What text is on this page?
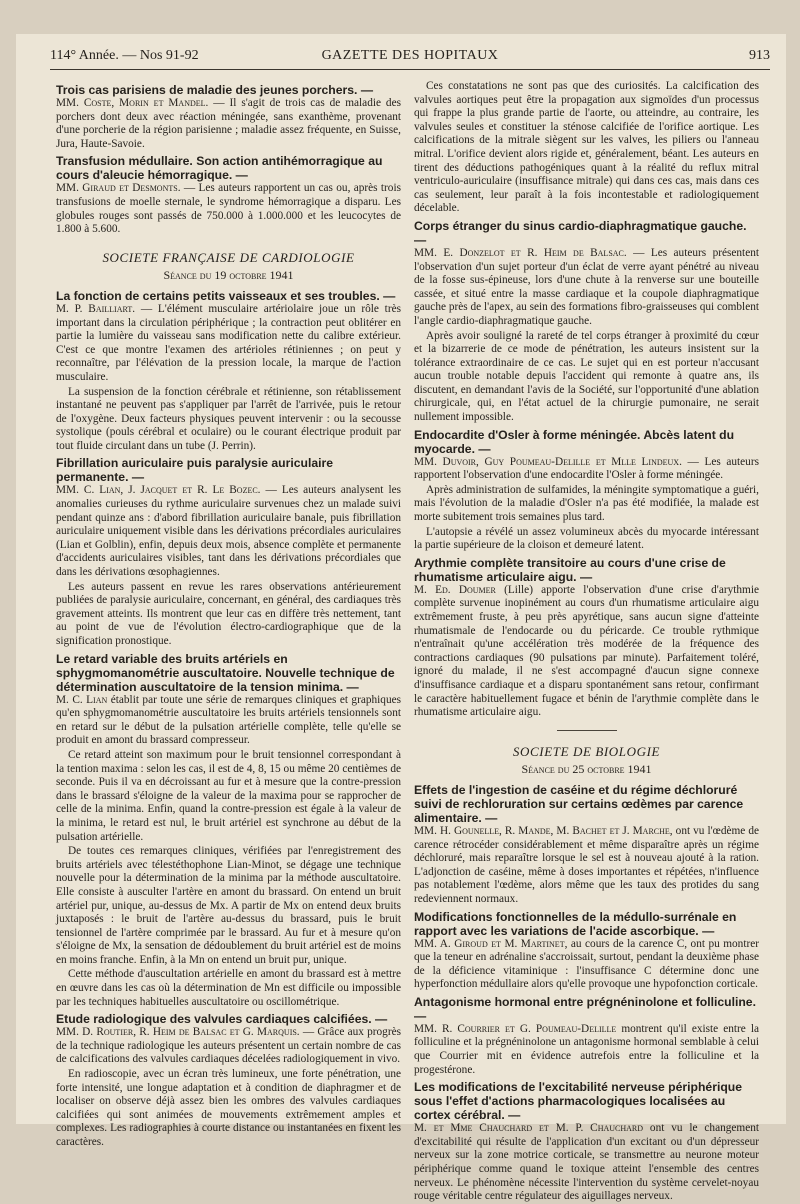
114° Année. — Nos 91-92	GAZETTE DES HOPITAUX	913
Trois cas parisiens de maladie des jeunes porchers. —

MM. Coste, Morin et Mandel. — Il s'agit de trois cas de maladie des porchers dont deux avec réaction méningée, sans exanthème, provenant d'une porcherie de la région parisienne ; maladie assez fréquente, en Suisse, Jura, Haute-Savoie.

Transfusion médullaire. Son action antihémorragique au cours d'aleucie hémorragique. —

MM. Giraud et Desmonts. — Les auteurs rapportent un cas ou, après trois transfusions de moelle sternale, le syndrome hémorragique a disparu. Les globules rouges sont passés de 750.000 à 1.000.000 et les leucocytes de 1.800 à 5.600.

SOCIETE FRANÇAISE DE CARDIOLOGIE
Séance du 19 octobre 1941
La fonction de certains petits vaisseaux et ses troubles. —

M. P. Bailliart. — L'élément musculaire artériolaire joue un rôle très important dans la circulation périphérique ; la contraction peut oblitérer en partie la lumière du vaisseau sans modification nette du calibre extérieur. C'est ce que montre l'examen des artérioles rétiniennes ; on peut y reconnaître, par l'élévation de la pression locale, la marque de l'action musculaire.

La suspension de la fonction cérébrale et rétinienne, son rétablissement instantané ne peuvent pas s'appliquer par l'arrêt de l'arrivée, puis le retour de l'oxygène. Deux facteurs physiques peuvent intervenir : ou la secousse systolique (pouls cérébral et oculaire) ou le courant électrique produit par tout fluide circulant dans un tube (J. Perrin).

Fibrillation auriculaire puis paralysie auriculaire permanente. —

MM. C. Lian, J. Jacquet et R. Le Bozec. — Les auteurs analysent les anomalies curieuses du rythme auriculaire survenues chez un malade suivi pendant quinze ans : d'abord fibrillation auriculaire banale, puis fibrillation auriculaire uniquement visible dans les dérivations précordiales auriculaires (Lian et Golblin), enfin, depuis deux mois, absence complète et permanente d'accidents auriculaires visibles, tant dans les dérivations précordiales que dans les dérivations œsophagiennes.

Les auteurs passent en revue les rares observations antérieurement publiées de paralysie auriculaire, concernant, en général, des cardiaques très gravement atteints. Ils montrent que leur cas en diffère très nettement, tant au point de vue de l'évolution électro-cardiographique que de la signification pronostique.

Le retard variable des bruits artériels en sphygmomanométrie auscultatoire. Nouvelle technique de détermination auscultatoire de la tension minima. —

M. C. Lian établit par toute une série de remarques cliniques et graphiques qu'en sphygmomanométrie auscultatoire les bruits artériels tensionnels sont en retard sur le début de la pulsation artérielle complète, telle qu'elle se produit en amont du brassard compresseur.

Ce retard atteint son maximum pour le bruit tensionnel correspondant à la tention maxima : selon les cas, il est de 4, 8, 15 ou même 20 centièmes de seconde. Puis il va en décroissant au fur et à mesure que la contre-pression dans le brassard s'éloigne de la valeur de la maxima pour se rapprocher de celle de la minima. Enfin, quand la contre-pression est égale à la valeur de la minima, le retard est nul, le bruit artériel est synchrone au début de la pulsation artérielle.

De toutes ces remarques cliniques, vérifiées par l'enregistrement des bruits artériels avec télestéthophone Lian-Minot, se dégage une technique nouvelle pour la détermination de la minima par la méthode auscultatoire. Elle consiste à ausculter l'artère en amont du brassard. On entend un bruit artériel pur, unique, au-dessus de Mx. A partir de Mx on entend deux bruits juxtaposés : le bruit de l'artère au-dessus du brassard, puis le bruit tensionnel de l'artère comprimée par le brassard. Au fur et à mesure qu'on s'éloigne de Mx, la sensation de dédoublement du bruit artériel est de moins en moins franche. Enfin, à la Mn on entend un bruit pur, unique.

Cette méthode d'auscultation artérielle en amont du brassard est à mettre en œuvre dans les cas où la détermination de Mn est difficile ou impossible par les techniques habituelles auscultatoire ou oscillométrique.

Etude radiologique des valvules cardiaques calcifiées. —

MM. D. Routier, R. Heim de Balsac et G. Marquis. — Grâce aux progrès de la technique radiologique les auteurs présentent un certain nombre de cas de calcifications des valvules cardiaques décelées radiologiquement in vivo.

En radioscopie, avec un écran très lumineux, une forte pénétration, une forte intensité, une longue adaptation et à condition de diaphragmer et de localiser on observe déjà assez bien les ombres des valvules cardiaques calcifiées qui sont animées de mouvements extrêmement amples et complexes. Les radiographies à courte distance ou instantanées en fixent les caractères.

Ces constatations ne sont pas que des curiosités. La calcification des valvules aortiques peut être la propagation aux sigmoïdes d'un processus qui frappe la plus grande partie de l'aorte, ou atteindre, au contraire, les valvules seules et constituer la sténose calcifiée de l'orifice aortique. Les calcifications de la mitrale siègent sur les valves, les piliers ou l'anneau mitral. L'orifice devient alors rigide et, généralement, béant. Les auteurs en tirent des déductions pathogéniques quant à la réalité du reflux mitral ventriculo-auriculaire (insuffisance mitrale) qui dans ces cas, mais dans ces cas seulement, leur paraît à la fois incontestable et radiologiquement décelable.

Corps étranger du sinus cardio-diaphragmatique gauche. —

MM. E. Donzelot et R. Heim de Balsac. — Les auteurs présentent l'observation d'un sujet porteur d'un éclat de verre ayant pénétré au niveau de la fosse sus-épineuse, lors d'une chute à la renverse sur une bouteille cassée, et situé entre la masse cardiaque et la coupole diaphragmatique gauche près de l'apex, au sein des formations fibro-graisseuses qui comblent l'angle cardio-diaphragmatique gauche.

Après avoir souligné la rareté de tel corps étranger à proximité du cœur et la bizarrerie de ce mode de pénétration, les auteurs insistent sur la tolérance extraordinaire de ce cas. Le sujet qui en est porteur n'accusant aucun trouble notable depuis l'accident qui remonte à quatre ans, ils discutent, en demandant l'avis de la Société, sur l'opportunité d'une ablation chirurgicale, qui, en l'état actuel de la chirurgie pumonaire, ne serait nullement impossible.

Endocardite d'Osler à forme méningée. Abcès latent du myocarde. —

MM. Duvoir, Guy Poumeau-Delille et Mlle Lindeux. — Les auteurs rapportent l'observation d'une endocardite l'Osler à forme méningée.

Après administration de sulfamides, la méningite symptomatique a guéri, mais l'évolution de la maladie d'Osler n'a pas été modifiée, la malade est morte subitement trois semaines plus tard.

L'autopsie a révélé un assez volumineux abcès du myocarde intéressant la partie supérieure de la cloison et demeuré latent.

Arythmie complète transitoire au cours d'une crise de rhumatisme articulaire aigu. —

M. Ed. Doumer (Lille) apporte l'observation d'une crise d'arythmie complète survenue inopinément au cours d'un rhumatisme articulaire aigu extrêmement fruste, à peu près apyrétique, sans aucun signe d'atteinte rhumatismale de l'endocarde ou du péricarde. Ce trouble rythmique n'entraînait qu'une accélération très modérée de la fréquence des contractions cardiaques (90 pulsations par minute). Parfaitement toléré, ignoré du malade, il ne s'est accompagné d'aucun signe connexe d'insuffisance cardiaque et a disparu spontanément sans retour, confirmant le caractère habituellement fugace et bénin de l'arythmie complète dans le rhumatisme articulaire aigu.

SOCIETE DE BIOLOGIE
Séance du 25 octobre 1941
Effets de l'ingestion de caséine et du régime déchloruré suivi de rechloruration sur certains œdèmes par carence alimentaire. —

MM. H. Gounelle, R. Mande, M. Bachet et J. Marche, ont vu l'œdème de carence rétrocéder considérablement et même disparaître après un régime déchloruré, mais reparaître lorsque le sel est à nouveau ajouté à la ration. L'adjonction de caséine, même à doses importantes et répétées, n'influence pas notablement l'œdème, alors même que les taux des protides du sang redeviennent normaux.

Modifications fonctionnelles de la médullo-surrénale en rapport avec les variations de l'acide ascorbique. —

MM. A. Giroud et M. Martinet, au cours de la carence C, ont pu montrer que la teneur en adrénaline s'accroissait, surtout, pendant la deuxième phase de la déficience vitaminique : l'insuffisance C détermine donc une hyperfonction médullaire alors qu'elle provoque une hypofonction corticale.

Antagonisme hormonal entre prégnéninolone et folliculine. —

MM. R. Courrier et G. Poumeau-Delille montrent qu'il existe entre la folliculine et la prégnéninolone un antagonisme hormonal semblable à celui que Courrier mit en évidence autrefois entre la folliculine et la progestérone.

Les modifications de l'excitabilité nerveuse périphérique sous l'effet d'actions pharmacologiques localisées au cortex cérébral. —

M. et Mme Chauchard et M. P. Chauchard ont vu le changement d'excitabilité qui résulte de l'application d'un excitant ou d'un dépresseur nerveux sur la zone motrice corticale, se transmettre au neurone moteur périphérique comme quand le toxique atteint l'ensemble des centres nerveux. Le phénomène nécessite l'intervention du système cervelet-noyau rouge véritable centre régulateur des aiguillages nerveux.
